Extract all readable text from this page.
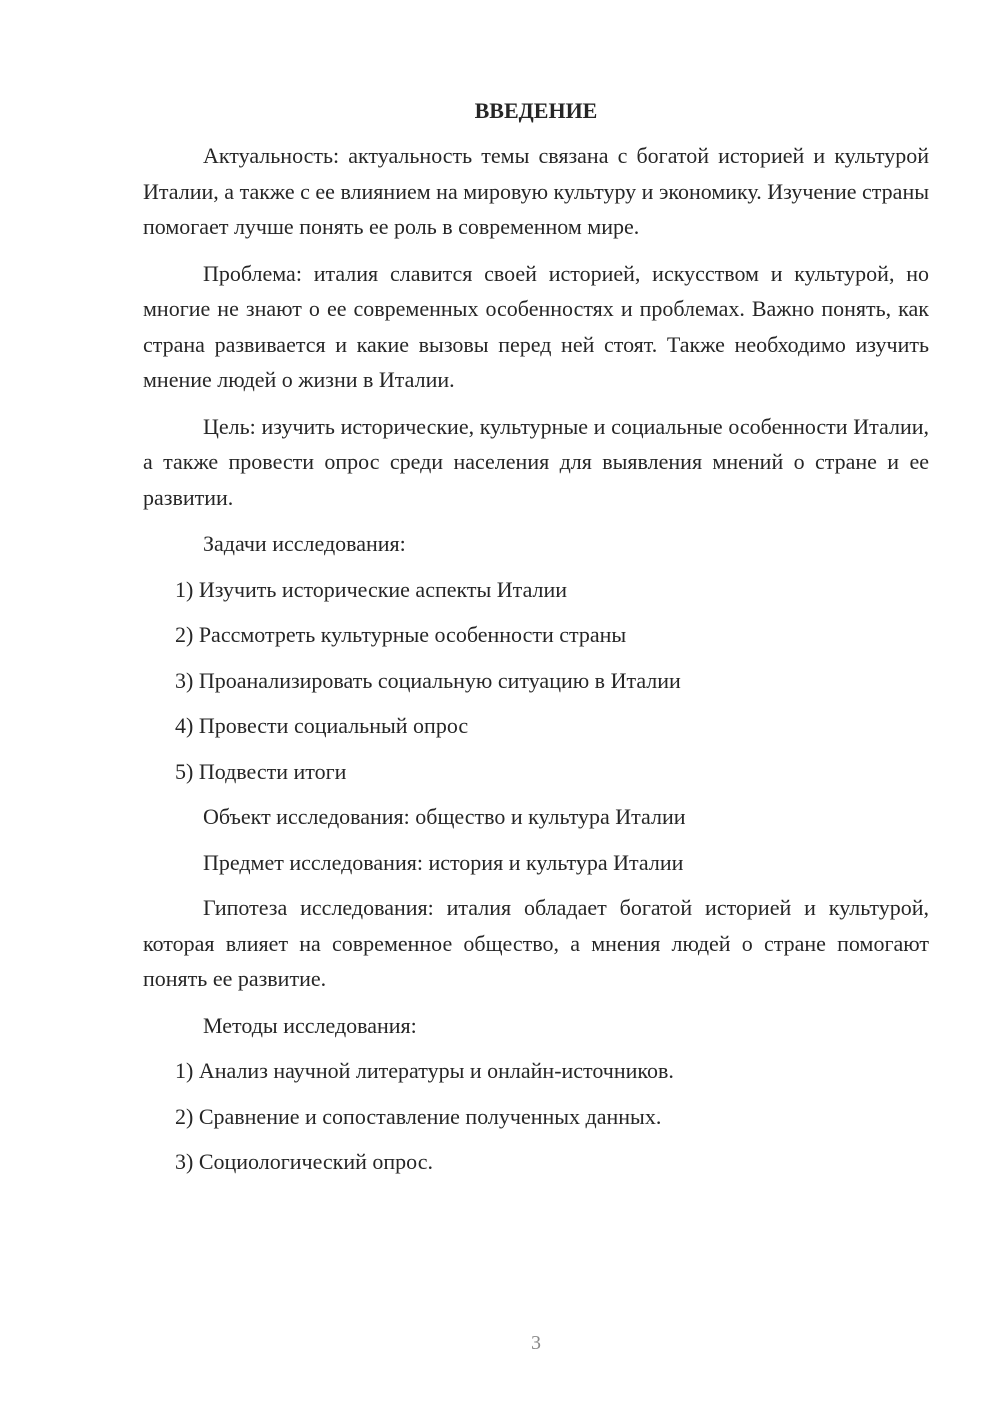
ВВЕДЕНИЕ

Актуальность: актуальность темы связана с богатой историей и культурой Италии, а также с ее влиянием на мировую культуру и экономику. Изучение страны помогает лучше понять ее роль в современном мире.

Проблема: италия славится своей историей, искусством и культурой, но многие не знают о ее современных особенностях и проблемах. Важно понять, как страна развивается и какие вызовы перед ней стоят. Также необходимо изучить мнение людей о жизни в Италии.

Цель: изучить исторические, культурные и социальные особенности Италии, а также провести опрос среди населения для выявления мнений о стране и ее развитии.

Задачи исследования:
1) Изучить исторические аспекты Италии
2) Рассмотреть культурные особенности страны
3) Проанализировать социальную ситуацию в Италии
4) Провести социальный опрос
5) Подвести итоги
Объект исследования: общество и культура Италии
Предмет исследования: история и культура Италии

Гипотеза исследования: италия обладает богатой историей и культурой, которая влияет на современное общество, а мнения людей о стране помогают понять ее развитие.

Методы исследования:
1) Анализ научной литературы и онлайн-источников.
2) Сравнение и сопоставление полученных данных.
3) Социологический опрос.
3
